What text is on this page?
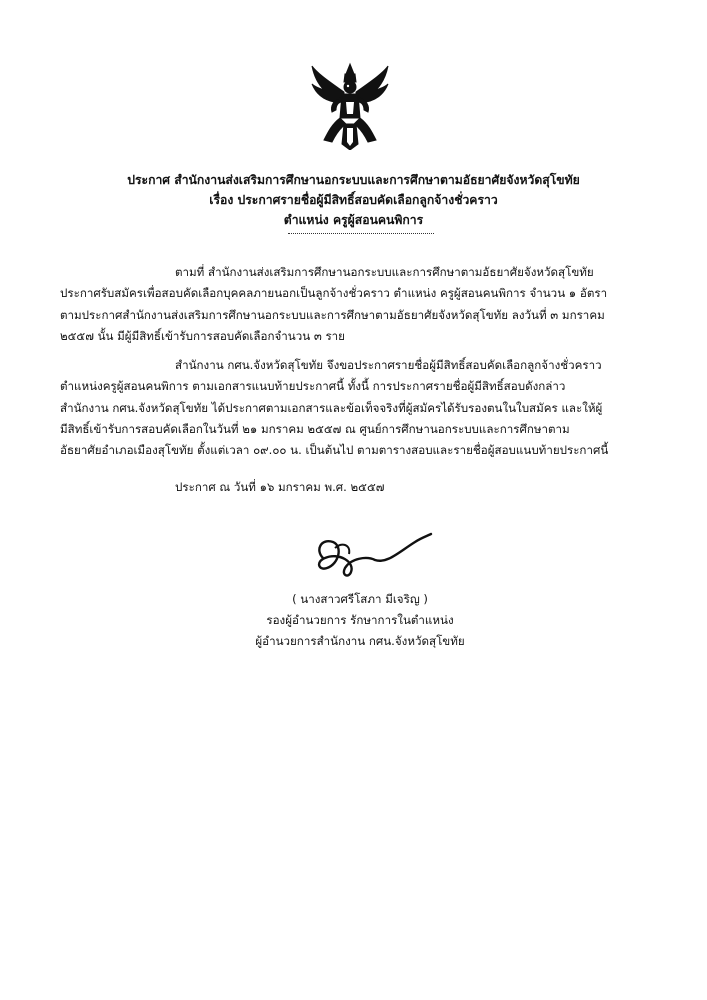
ประกาศ สำนักงานส่งเสริมการศึกษานอกระบบและการศึกษาตามอัธยาศัยจังหวัดสุโขทัย
เรื่อง ประกาศรายชื่อผู้มีสิทธิ์สอบคัดเลือกลูกจ้างชั่วคราว
ตำแหน่ง ครูผู้สอนคนพิการ
ตามที่ สำนักงานส่งเสริมการศึกษานอกระบบและการศึกษาตามอัธยาศัยจังหวัดสุโขทัย
ประกาศรับสมัครเพื่อสอบคัดเลือกบุคคลภายนอกเป็นลูกจ้างชั่วคราว ตำแหน่ง ครูผู้สอนคนพิการ จำนวน ๑ อัตรา
ตามประกาศสำนักงานส่งเสริมการศึกษานอกระบบและการศึกษาตามอัธยาศัยจังหวัดสุโขทัย ลงวันที่ ๓ มกราคม
๒๕๕๗ นั้น มีผู้มีสิทธิ์เข้ารับการสอบคัดเลือกจำนวน ๓ ราย
สำนักงาน กศน.จังหวัดสุโขทัย จึงขอประกาศรายชื่อผู้มีสิทธิ์สอบคัดเลือกลูกจ้างชั่วคราว
ตำแหน่งครูผู้สอนคนพิการ ตามเอกสารแนบท้ายประกาศนี้ ทั้งนี้ การประกาศรายชื่อผู้มีสิทธิ์สอบดังกล่าว
สำนักงาน กศน.จังหวัดสุโขทัย ได้ประกาศตามเอกสารและข้อเท็จจริงที่ผู้สมัครได้รับรองตนในใบสมัคร และให้ผู้
มีสิทธิ์เข้ารับการสอบคัดเลือกในวันที่ ๒๑ มกราคม ๒๕๕๗ ณ ศูนย์การศึกษานอกระบบและการศึกษาตาม
อัธยาศัยอำเภอเมืองสุโขทัย ตั้งแต่เวลา ๐๙.๐๐ น. เป็นต้นไป ตามตารางสอบและรายชื่อผู้สอบแนบท้ายประกาศนี้
ประกาศ ณ วันที่ ๑๖ มกราคม พ.ศ. ๒๕๕๗
( นางสาวศรีโสภา มีเจริญ )
รองผู้อำนวยการ รักษาการในตำแหน่ง
ผู้อำนวยการสำนักงาน กศน.จังหวัดสุโขทัย
